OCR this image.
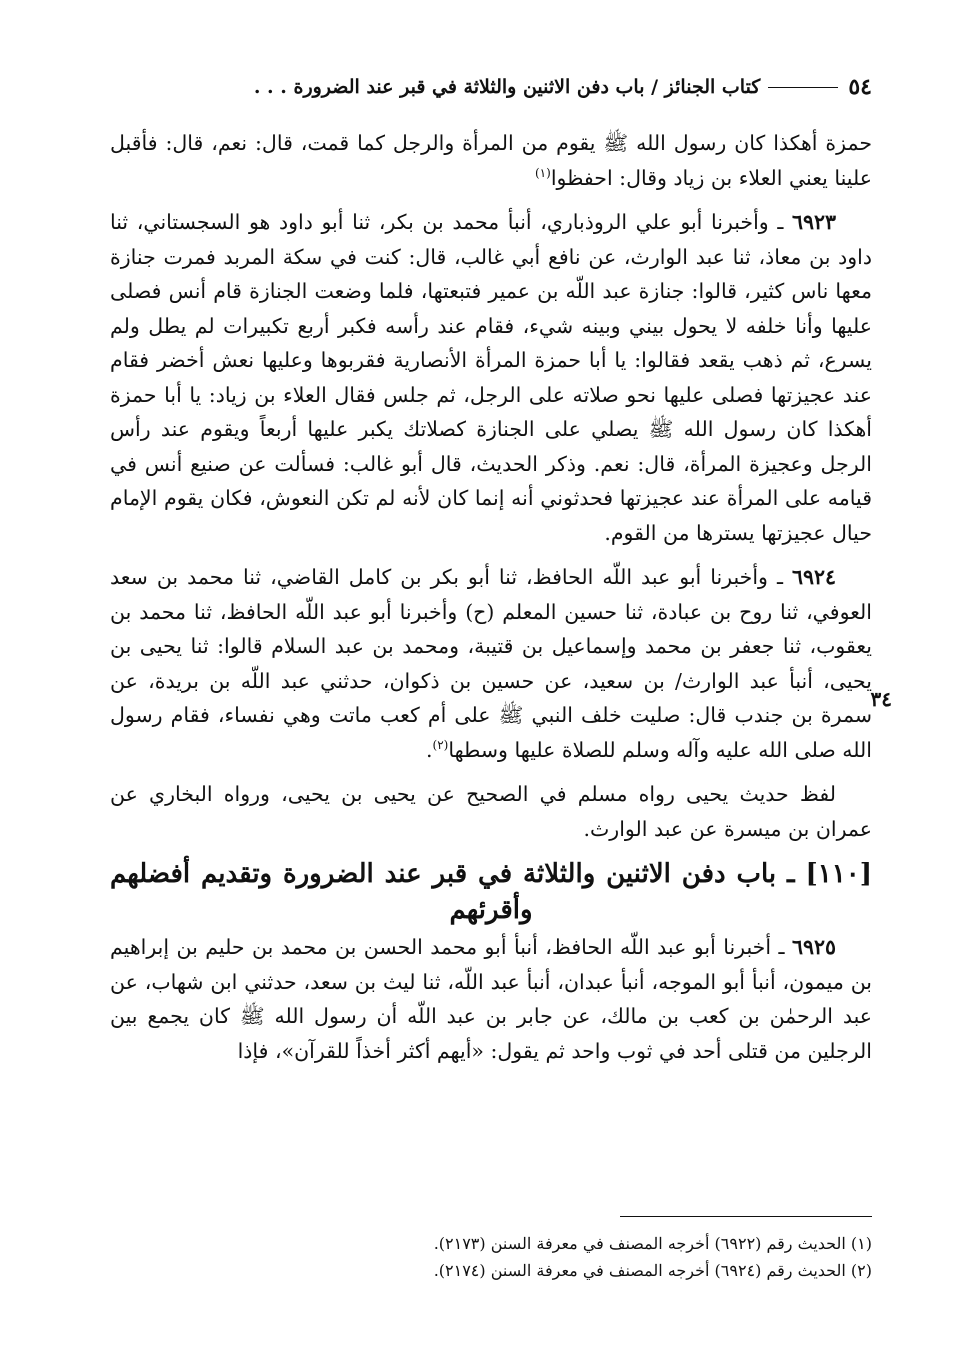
٥٤
كتاب الجنائز / باب دفن الاثنين والثلاثة في قبر عند الضرورة . . .

حمزة أهكذا كان رسول الله ﷺ يقوم من المرأة والرجل كما قمت، قال: نعم، قال: فأقبل علينا يعني العلاء بن زياد وقال: احفظوا$^{(١)}$

٦٩٢٣ ـ وأخبرنا أبو علي الروذباري، أنبأ محمد بن بكر، ثنا أبو داود هو السجستاني، ثنا داود بن معاذ، ثنا عبد الوارث، عن نافع أبي غالب، قال: كنت في سكة المربد فمرت جنازة معها ناس كثير، قالوا: جنازة عبد اللّه بن عمير فتبعتها، فلما وضعت الجنازة قام أنس فصلى عليها وأنا خلفه لا يحول بيني وبينه شيء، فقام عند رأسه فكبر أربع تكبيرات لم يطل ولم يسرع، ثم ذهب يقعد فقالوا: يا أبا حمزة المرأة الأنصارية فقربوها وعليها نعش أخضر فقام عند عجيزتها فصلى عليها نحو صلاته على الرجل، ثم جلس فقال العلاء بن زياد: يا أبا حمزة أهكذا كان رسول الله ﷺ يصلي على الجنازة كصلاتك يكبر عليها أربعاً ويقوم عند رأس الرجل وعجيزة المرأة، قال: نعم. وذكر الحديث، قال أبو غالب: فسألت عن صنيع أنس في قيامه على المرأة عند عجيزتها فحدثوني أنه إنما كان لأنه لم تكن النعوش، فكان يقوم الإمام حيال عجيزتها يسترها من القوم.

٣٤
٦٩٢٤ ـ وأخبرنا أبو عبد اللّه الحافظ، ثنا أبو بكر بن كامل القاضي، ثنا محمد بن سعد العوفي، ثنا روح بن عبادة، ثنا حسين المعلم (ح) وأخبرنا أبو عبد اللّه الحافظ، ثنا محمد بن يعقوب، ثنا جعفر بن محمد وإسماعيل بن قتيبة، ومحمد بن عبد السلام قالوا: ثنا يحيى بن يحيى، أنبأ عبد الوارث/ بن سعيد، عن حسين بن ذكوان، حدثني عبد اللّه بن بريدة، عن سمرة بن جندب قال: صليت خلف النبي ﷺ على أم كعب ماتت وهي نفساء، فقام رسول الله صلى الله عليه وآله وسلم للصلاة عليها وسطها$^{(٢)}$.

لفظ حديث يحيى رواه مسلم في الصحيح عن يحيى بن يحيى، ورواه البخاري عن عمران بن ميسرة عن عبد الوارث.

[١١٠] ـ باب دفن الاثنين والثلاثة في قبر عند الضرورة وتقديم أفضلهم
وأقرئهم

٦٩٢٥ ـ أخبرنا أبو عبد اللّه الحافظ، أنبأ أبو محمد الحسن بن محمد بن حليم بن إبراهيم بن ميمون، أنبأ أبو الموجه، أنبأ عبدان، أنبأ عبد اللّه، ثنا ليث بن سعد، حدثني ابن شهاب، عن عبد الرحمٰن بن كعب بن مالك، عن جابر بن عبد اللّه أن رسول الله ﷺ كان يجمع بين الرجلين من قتلى أحد في ثوب واحد ثم يقول: «أيهم أكثر أخذاً للقرآن»، فإذا

(١) الحديث رقم (٦٩٢٢) أخرجه المصنف في معرفة السنن (٢١٧٣).

(٢) الحديث رقم (٦٩٢٤) أخرجه المصنف في معرفة السنن (٢١٧٤).
